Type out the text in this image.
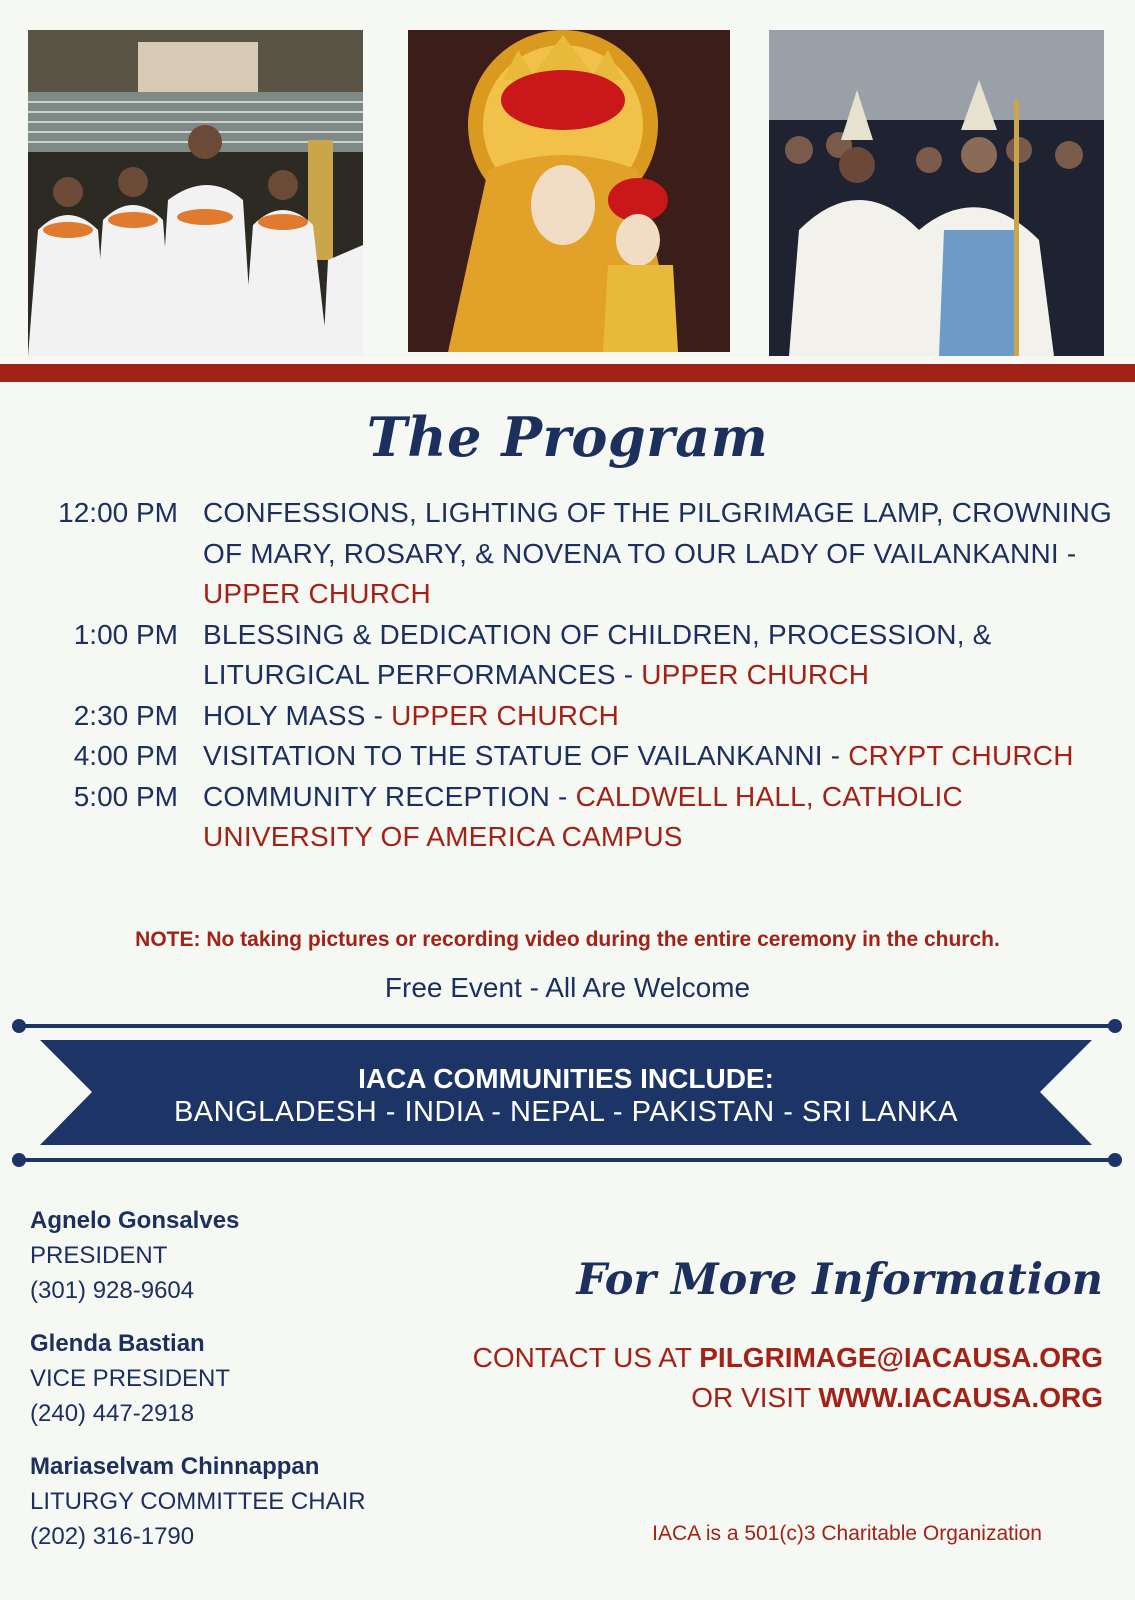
The Program
12:00 PM CONFESSIONS, LIGHTING OF THE PILGRIMAGE LAMP, CROWNING OF MARY, ROSARY, & NOVENA TO OUR LADY OF VAILANKANNI - UPPER CHURCH
1:00 PM BLESSING & DEDICATION OF CHILDREN, PROCESSION, & LITURGICAL PERFORMANCES - UPPER CHURCH
2:30 PM HOLY MASS - UPPER CHURCH
4:00 PM VISITATION TO THE STATUE OF VAILANKANNI - CRYPT CHURCH
5:00 PM COMMUNITY RECEPTION - CALDWELL HALL, CATHOLIC UNIVERSITY OF AMERICA CAMPUS
NOTE: No taking pictures or recording video during the entire ceremony in the church.
Free Event - All Are Welcome
IACA COMMUNITIES INCLUDE:
BANGLADESH - INDIA - NEPAL - PAKISTAN - SRI LANKA
Agnelo Gonsalves
PRESIDENT
(301) 928-9604
Glenda Bastian
VICE PRESIDENT
(240) 447-2918
Mariaselvam Chinnappan
LITURGY COMMITTEE CHAIR
(202) 316-1790
For More Information
CONTACT US AT PILGRIMAGE@IACAUSA.ORG
OR VISIT WWW.IACAUSA.ORG
IACA is a 501(c)3 Charitable Organization
